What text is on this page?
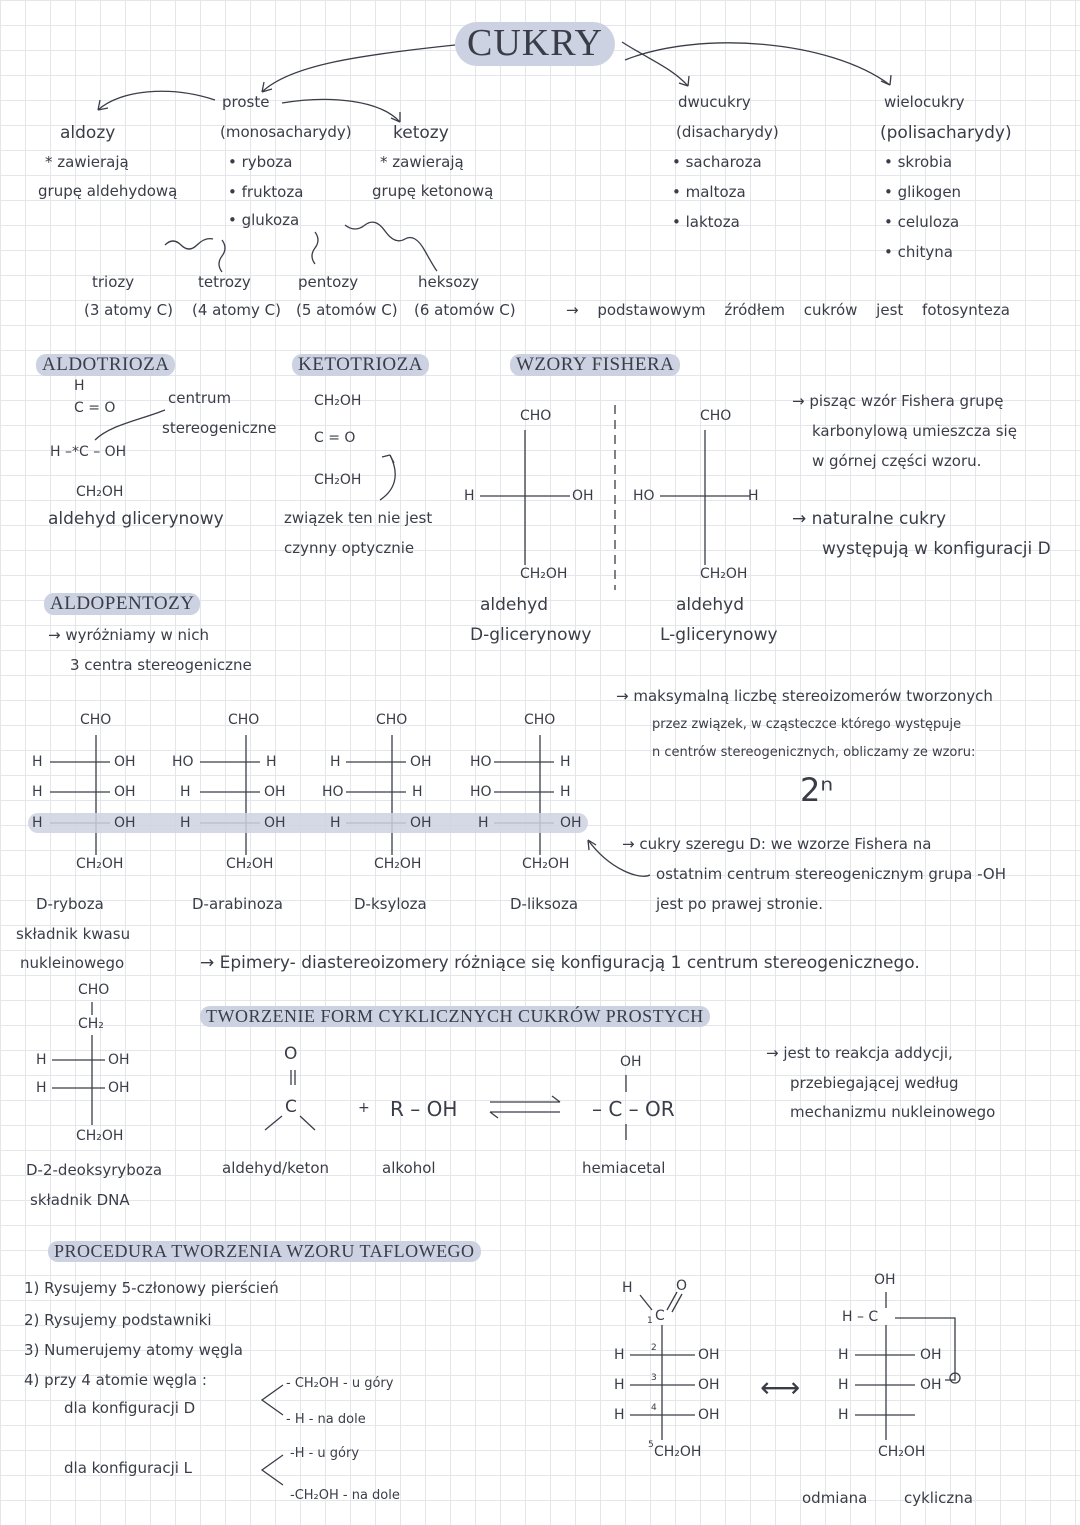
CUKRY
proste
(monosacharydy)
• ryboza
• fruktoza
• glukoza
aldozy
* zawierają
grupę aldehydową
ketozy
* zawierają
grupę ketonową
dwucukry
(disacharydy)
• sacharoza
• maltoza
• laktoza
wielocukry
(polisacharydy)
• skrobia
• glikogen
• celuloza
• chityna
triozy
(3 atomy C)
tetrozy
(4 atomy C)
pentozy
(5 atomów C)
heksozy
(6 atomów C)	→ podstawowym źródłem cukrów jest fotosynteza
ALDOTRIOZA
H
C = O
H –*C – OH
CH₂OH
centrum
stereogeniczne
aldehyd glicerynowy
KETOTRIOZA
CH₂OH
C = O
CH₂OH
związek ten nie jest
czynny optycznie
WZORY FISHERA
CHO
H	OH
CH₂OH
aldehyd
D-glicerynowy
CHO
HO	H
CH₂OH
aldehyd
L-glicerynowy
→ pisząc wzór Fishera grupę
karbonylową umieszcza się
w górnej części wzoru.
→ naturalne cukry
występują w konfiguracji D
ALDOPENTOZY
→ wyróżniamy w nich
3 centra stereogeniczne
CHO
H	OH
H	OH
H	OH
CH₂OH
D-ryboza
składnik kwasu
nukleinowego
CHO
HO	H
H	OH
H	OH
CH₂OH
D-arabinoza
CHO
H	OH
HO	H
H	OH
CH₂OH
D-ksyloza
CHO
HO	H
HO	H
H	OH
CH₂OH
D-liksoza
→ maksymalną liczbę stereoizomerów tworzonych
przez związek, w cząsteczce którego występuje
n centrów stereogenicznych, obliczamy ze wzoru:
2ⁿ
→ cukry szeregu D: we wzorze Fishera na
ostatnim centrum stereogenicznym grupa -OH
jest po prawej stronie.
→ Epimery- diastereoizomery różniące się konfiguracją 1 centrum stereogenicznego.
CHO
CH₂
H	OH
H	OH
CH₂OH
D-2-deoksyryboza
składnik DNA
TWORZENIE FORM CYKLICZNYCH CUKRÓW PROSTYCH
O
C	+ R – OH
OH
– C – OR
aldehyd/keton	alkohol	hemiacetal
→ jest to reakcja addycji,
przebiegającej według
mechanizmu nukleinowego
PROCEDURA TWORZENIA WZORU TAFLOWEGO
1) Rysujemy 5-członowy pierścień
2) Rysujemy podstawniki
3) Numerujemy atomy węgla
4) przy 4 atomie węgla :
dla konfiguracji D
- CH₂OH - u góry
- H - na dole
dla konfiguracji L
-H - u góry
-CH₂OH - na dole
H	O
C
1
2
3
4
5
H	OH
H	OH
H	OH
CH₂OH
⟷
OH
H – C
H	OH
H	OH
H
CH₂OH
odmiana cykliczna
